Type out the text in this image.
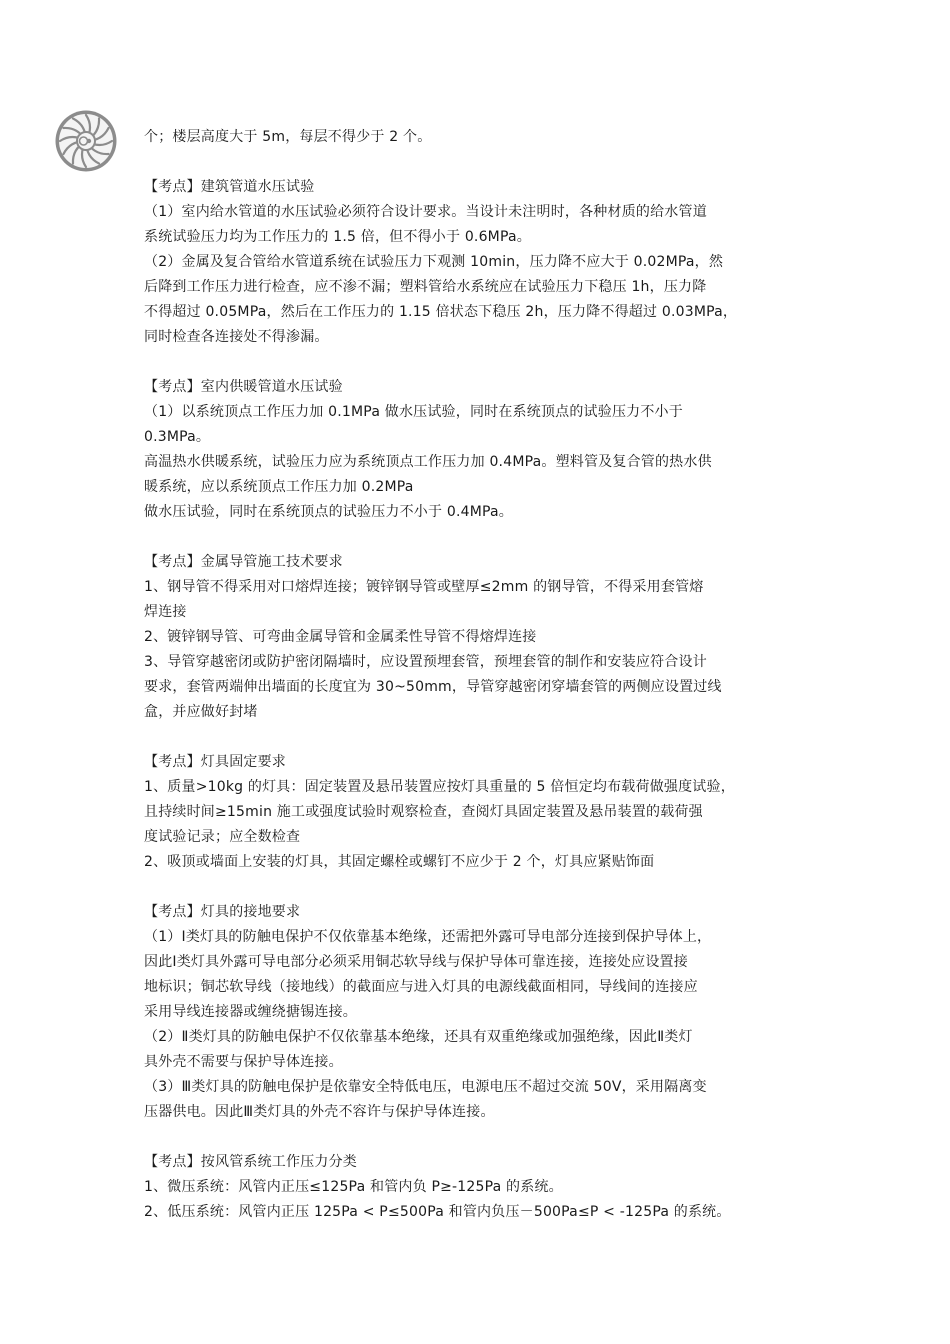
个；楼层高度大于 5m，每层不得少于 2 个。

【考点】建筑管道水压试验

（1）室内给水管道的水压试验必须符合设计要求。当设计未注明时，各种材质的给水管道

系统试验压力均为工作压力的 1.5 倍，但不得小于 0.6MPa。

（2）金属及复合管给水管道系统在试验压力下观测 10min，压力降不应大于 0.02MPa，然

后降到工作压力进行检查，应不渗不漏；塑料管给水系统应在试验压力下稳压 1h，压力降

不得超过 0.05MPa，然后在工作压力的 1.15 倍状态下稳压 2h，压力降不得超过 0.03MPa，

同时检查各连接处不得渗漏。

【考点】室内供暖管道水压试验

（1）以系统顶点工作压力加 0.1MPa 做水压试验，同时在系统顶点的试验压力不小于

0.3MPa。

高温热水供暖系统，试验压力应为系统顶点工作压力加 0.4MPa。塑料管及复合管的热水供

暖系统，应以系统顶点工作压力加 0.2MPa

做水压试验，同时在系统顶点的试验压力不小于 0.4MPa。

【考点】金属导管施工技术要求

1、钢导管不得采用对口熔焊连接；镀锌钢导管或壁厚≤2mm 的钢导管，不得采用套管熔

焊连接

2、镀锌钢导管、可弯曲金属导管和金属柔性导管不得熔焊连接

3、导管穿越密闭或防护密闭隔墙时，应设置预埋套管，预埋套管的制作和安装应符合设计

要求，套管两端伸出墙面的长度宜为 30~50mm，导管穿越密闭穿墙套管的两侧应设置过线

盒，并应做好封堵

【考点】灯具固定要求

1、质量>10kg 的灯具：固定装置及悬吊装置应按灯具重量的 5 倍恒定均布载荷做强度试验，

且持续时间≥15min 施工或强度试验时观察检查，查阅灯具固定装置及悬吊装置的载荷强

度试验记录；应全数检查

2、吸顶或墙面上安装的灯具，其固定螺栓或螺钉不应少于 2 个，灯具应紧贴饰面

【考点】灯具的接地要求

（1）Ⅰ类灯具的防触电保护不仅依靠基本绝缘，还需把外露可导电部分连接到保护导体上，

因此Ⅰ类灯具外露可导电部分必须采用铜芯软导线与保护导体可靠连接，连接处应设置接

地标识；铜芯软导线（接地线）的截面应与进入灯具的电源线截面相同，导线间的连接应

采用导线连接器或缠绕搪锡连接。

（2）Ⅱ类灯具的防触电保护不仅依靠基本绝缘，还具有双重绝缘或加强绝缘，因此Ⅱ类灯

具外壳不需要与保护导体连接。

（3）Ⅲ类灯具的防触电保护是依靠安全特低电压，电源电压不超过交流 50V，采用隔离变

压器供电。因此Ⅲ类灯具的外壳不容许与保护导体连接。

【考点】按风管系统工作压力分类

1、微压系统：风管内正压≤125Pa 和管内负 P≥-125Pa 的系统。

2、低压系统：风管内正压 125Pa < P≤500Pa 和管内负压－500Pa≤P < -125Pa 的系统。
